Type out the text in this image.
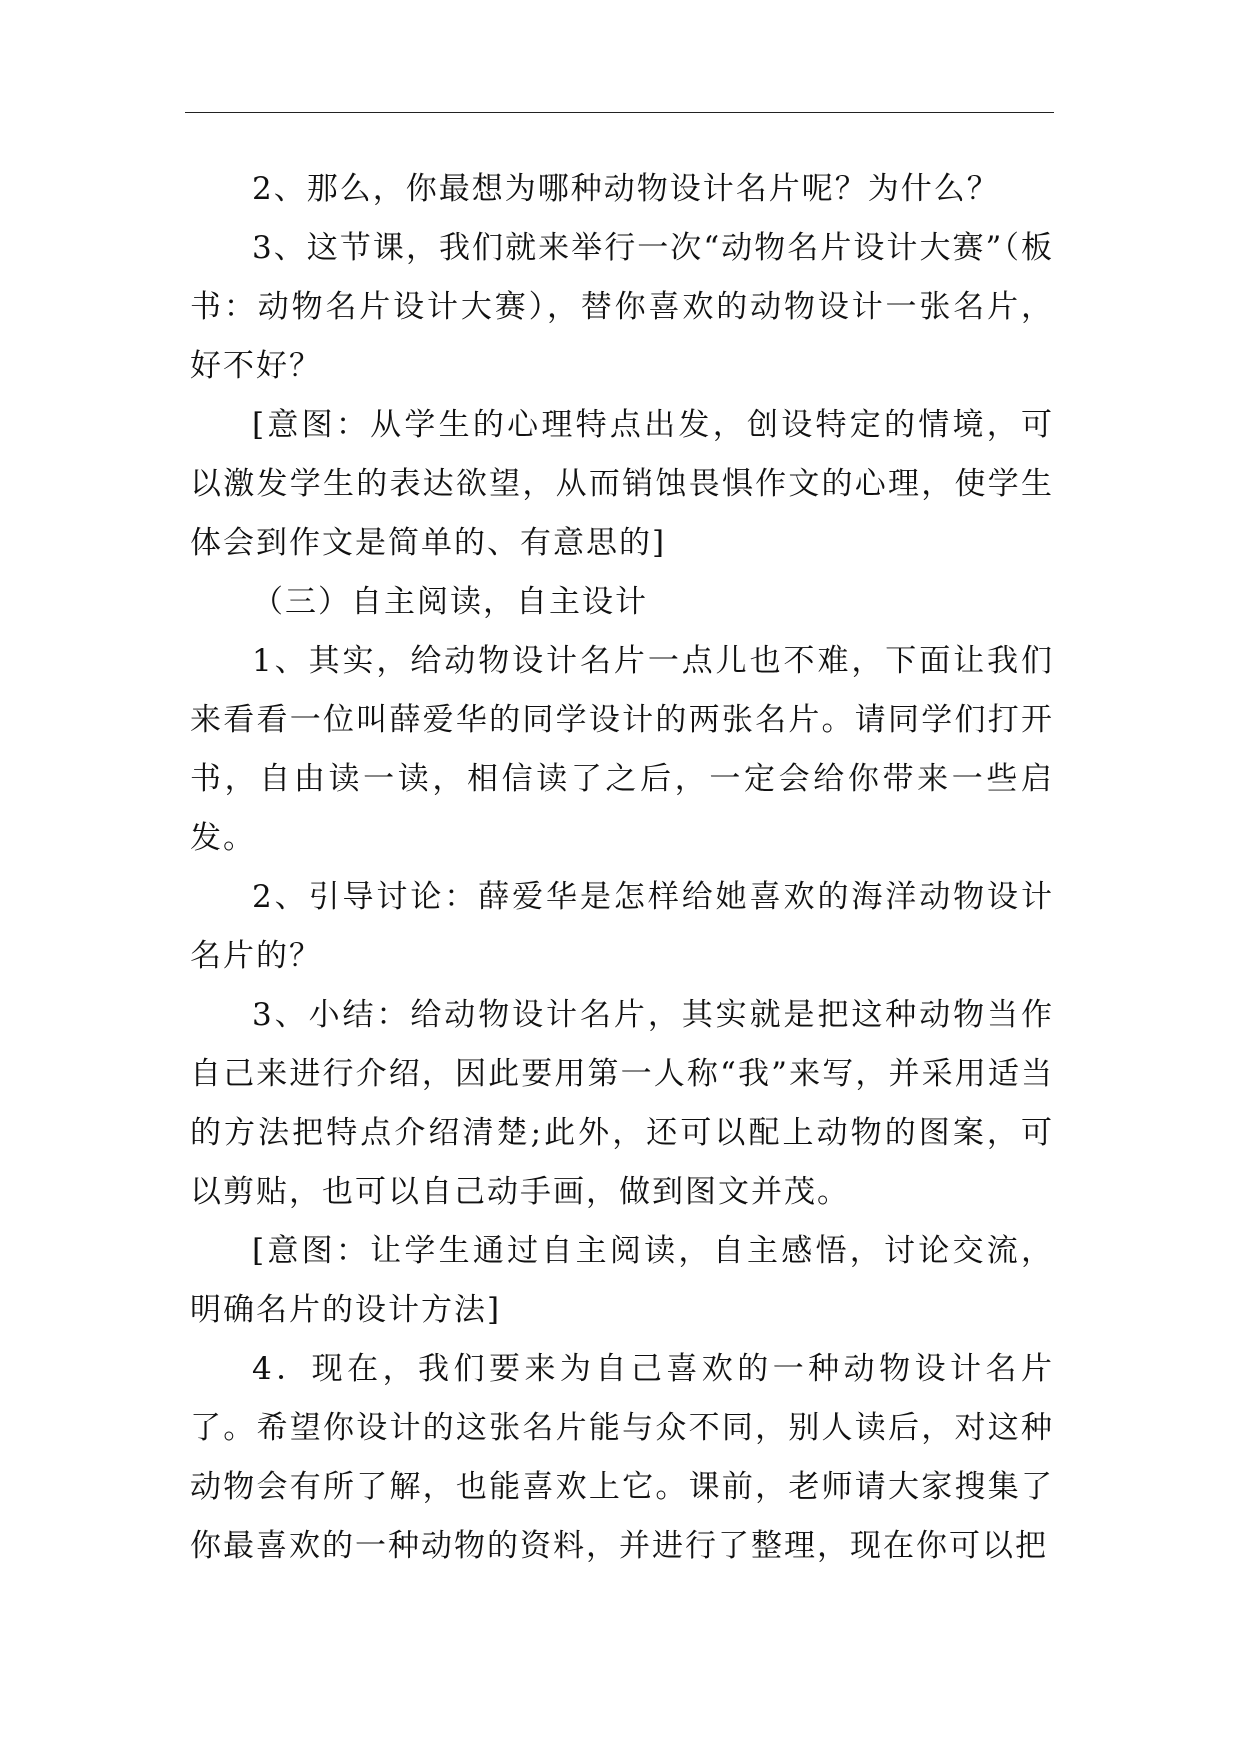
2、那么，你最想为哪种动物设计名片呢？为什么？

3、这节课，我们就来举行一次“动物名片设计大赛”（板书：动物名片设计大赛），替你喜欢的动物设计一张名片，好不好？

[意图：从学生的心理特点出发，创设特定的情境，可以激发学生的表达欲望，从而销蚀畏惧作文的心理，使学生体会到作文是简单的、有意思的]

（三）自主阅读，自主设计

1、其实，给动物设计名片一点儿也不难，下面让我们来看看一位叫薛爱华的同学设计的两张名片。请同学们打开书，自由读一读，相信读了之后，一定会给你带来一些启发。

2、引导讨论：薛爱华是怎样给她喜欢的海洋动物设计名片的？

3、小结：给动物设计名片，其实就是把这种动物当作自己来进行介绍，因此要用第一人称“我”来写，并采用适当的方法把特点介绍清楚;此外，还可以配上动物的图案，可以剪贴，也可以自己动手画，做到图文并茂。

[意图：让学生通过自主阅读，自主感悟，讨论交流，明确名片的设计方法]

4．现在，我们要来为自己喜欢的一种动物设计名片了。希望你设计的这张名片能与众不同，别人读后，对这种动物会有所了解，也能喜欢上它。课前，老师请大家搜集了你最喜欢的一种动物的资料，并进行了整理，现在你可以把
